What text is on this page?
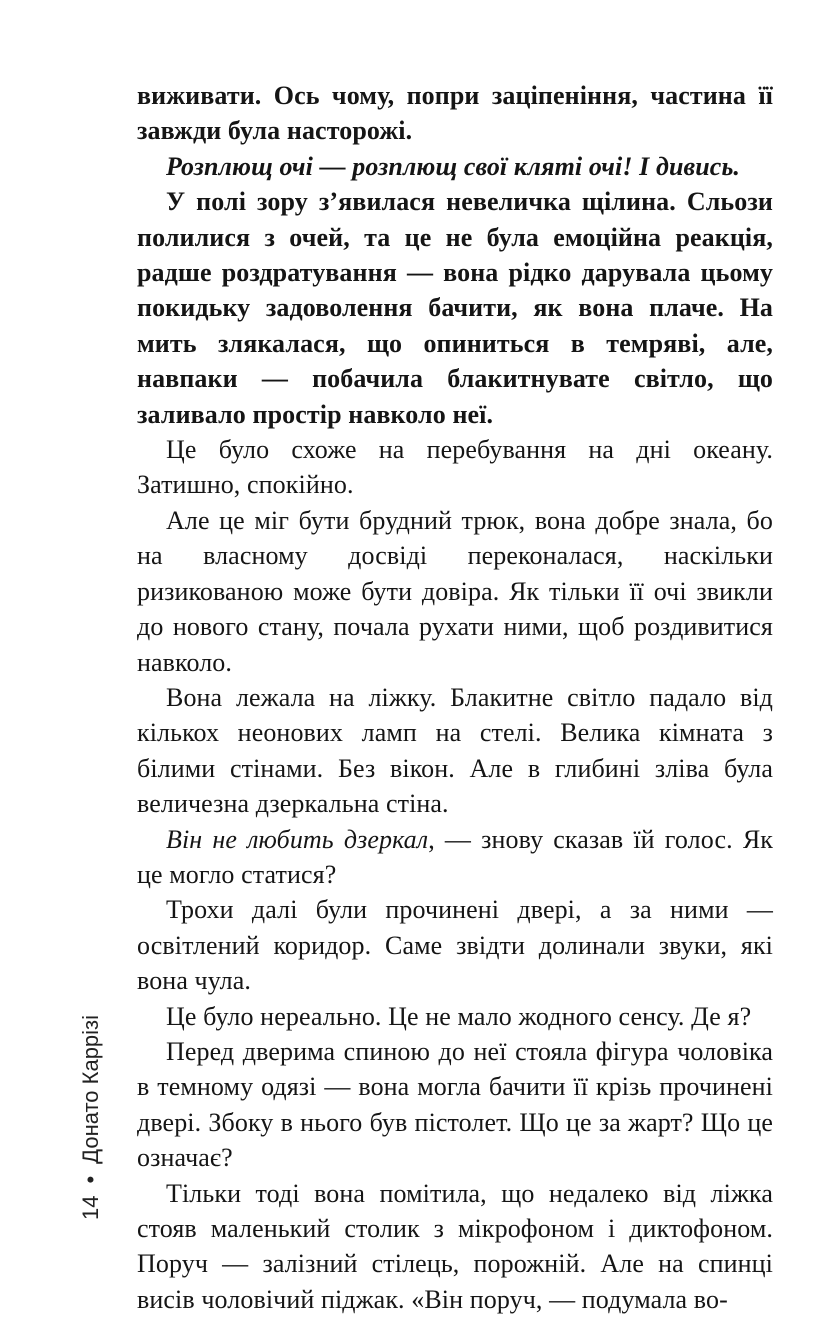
виживати. Ось чому, попри заціпеніння, частина її завжди була насторожі.

Розплющ очі — розплющ свої кляті очі! І дивись.

У полі зору з’явилася невеличка щілина. Сльози полилися з очей, та це не була емоційна реакція, радше роздратування — вона рідко дарувала цьому покидьку задоволення бачити, як вона плаче. На мить злякалася, що опиниться в темряві, але, навпаки — побачила блакитнувате світло, що заливало простір навколо неї.

Це було схоже на перебування на дні океану. Затишно, спокійно.

Але це міг бути брудний трюк, вона добре знала, бо на власному досвіді переконалася, наскільки ризикованою може бути довіра. Як тільки її очі звикли до нового стану, почала рухати ними, щоб роздивитися навколо.

Вона лежала на ліжку. Блакитне світло падало від кількох неонових ламп на стелі. Велика кімната з білими стінами. Без вікон. Але в глибині зліва була величезна дзеркальна стіна.

Він не любить дзеркал, — знову сказав їй голос. Як це могло статися?

Трохи далі були прочинені двері, а за ними — освітлений коридор. Саме звідти долинали звуки, які вона чула.

Це було нереально. Це не мало жодного сенсу. Де я?

Перед дверима спиною до неї стояла фігура чоловіка в темному одязі — вона могла бачити її крізь прочинені двері. Збоку в нього був пістолет. Що це за жарт? Що це означає?

Тільки тоді вона помітила, що недалеко від ліжка стояв маленький столик з мікрофоном і диктофоном. Поруч — залізний стілець, порожній. Але на спинці висів чоловічий піджак. «Він поруч, — подумала во-

14•Донато Каррізі
